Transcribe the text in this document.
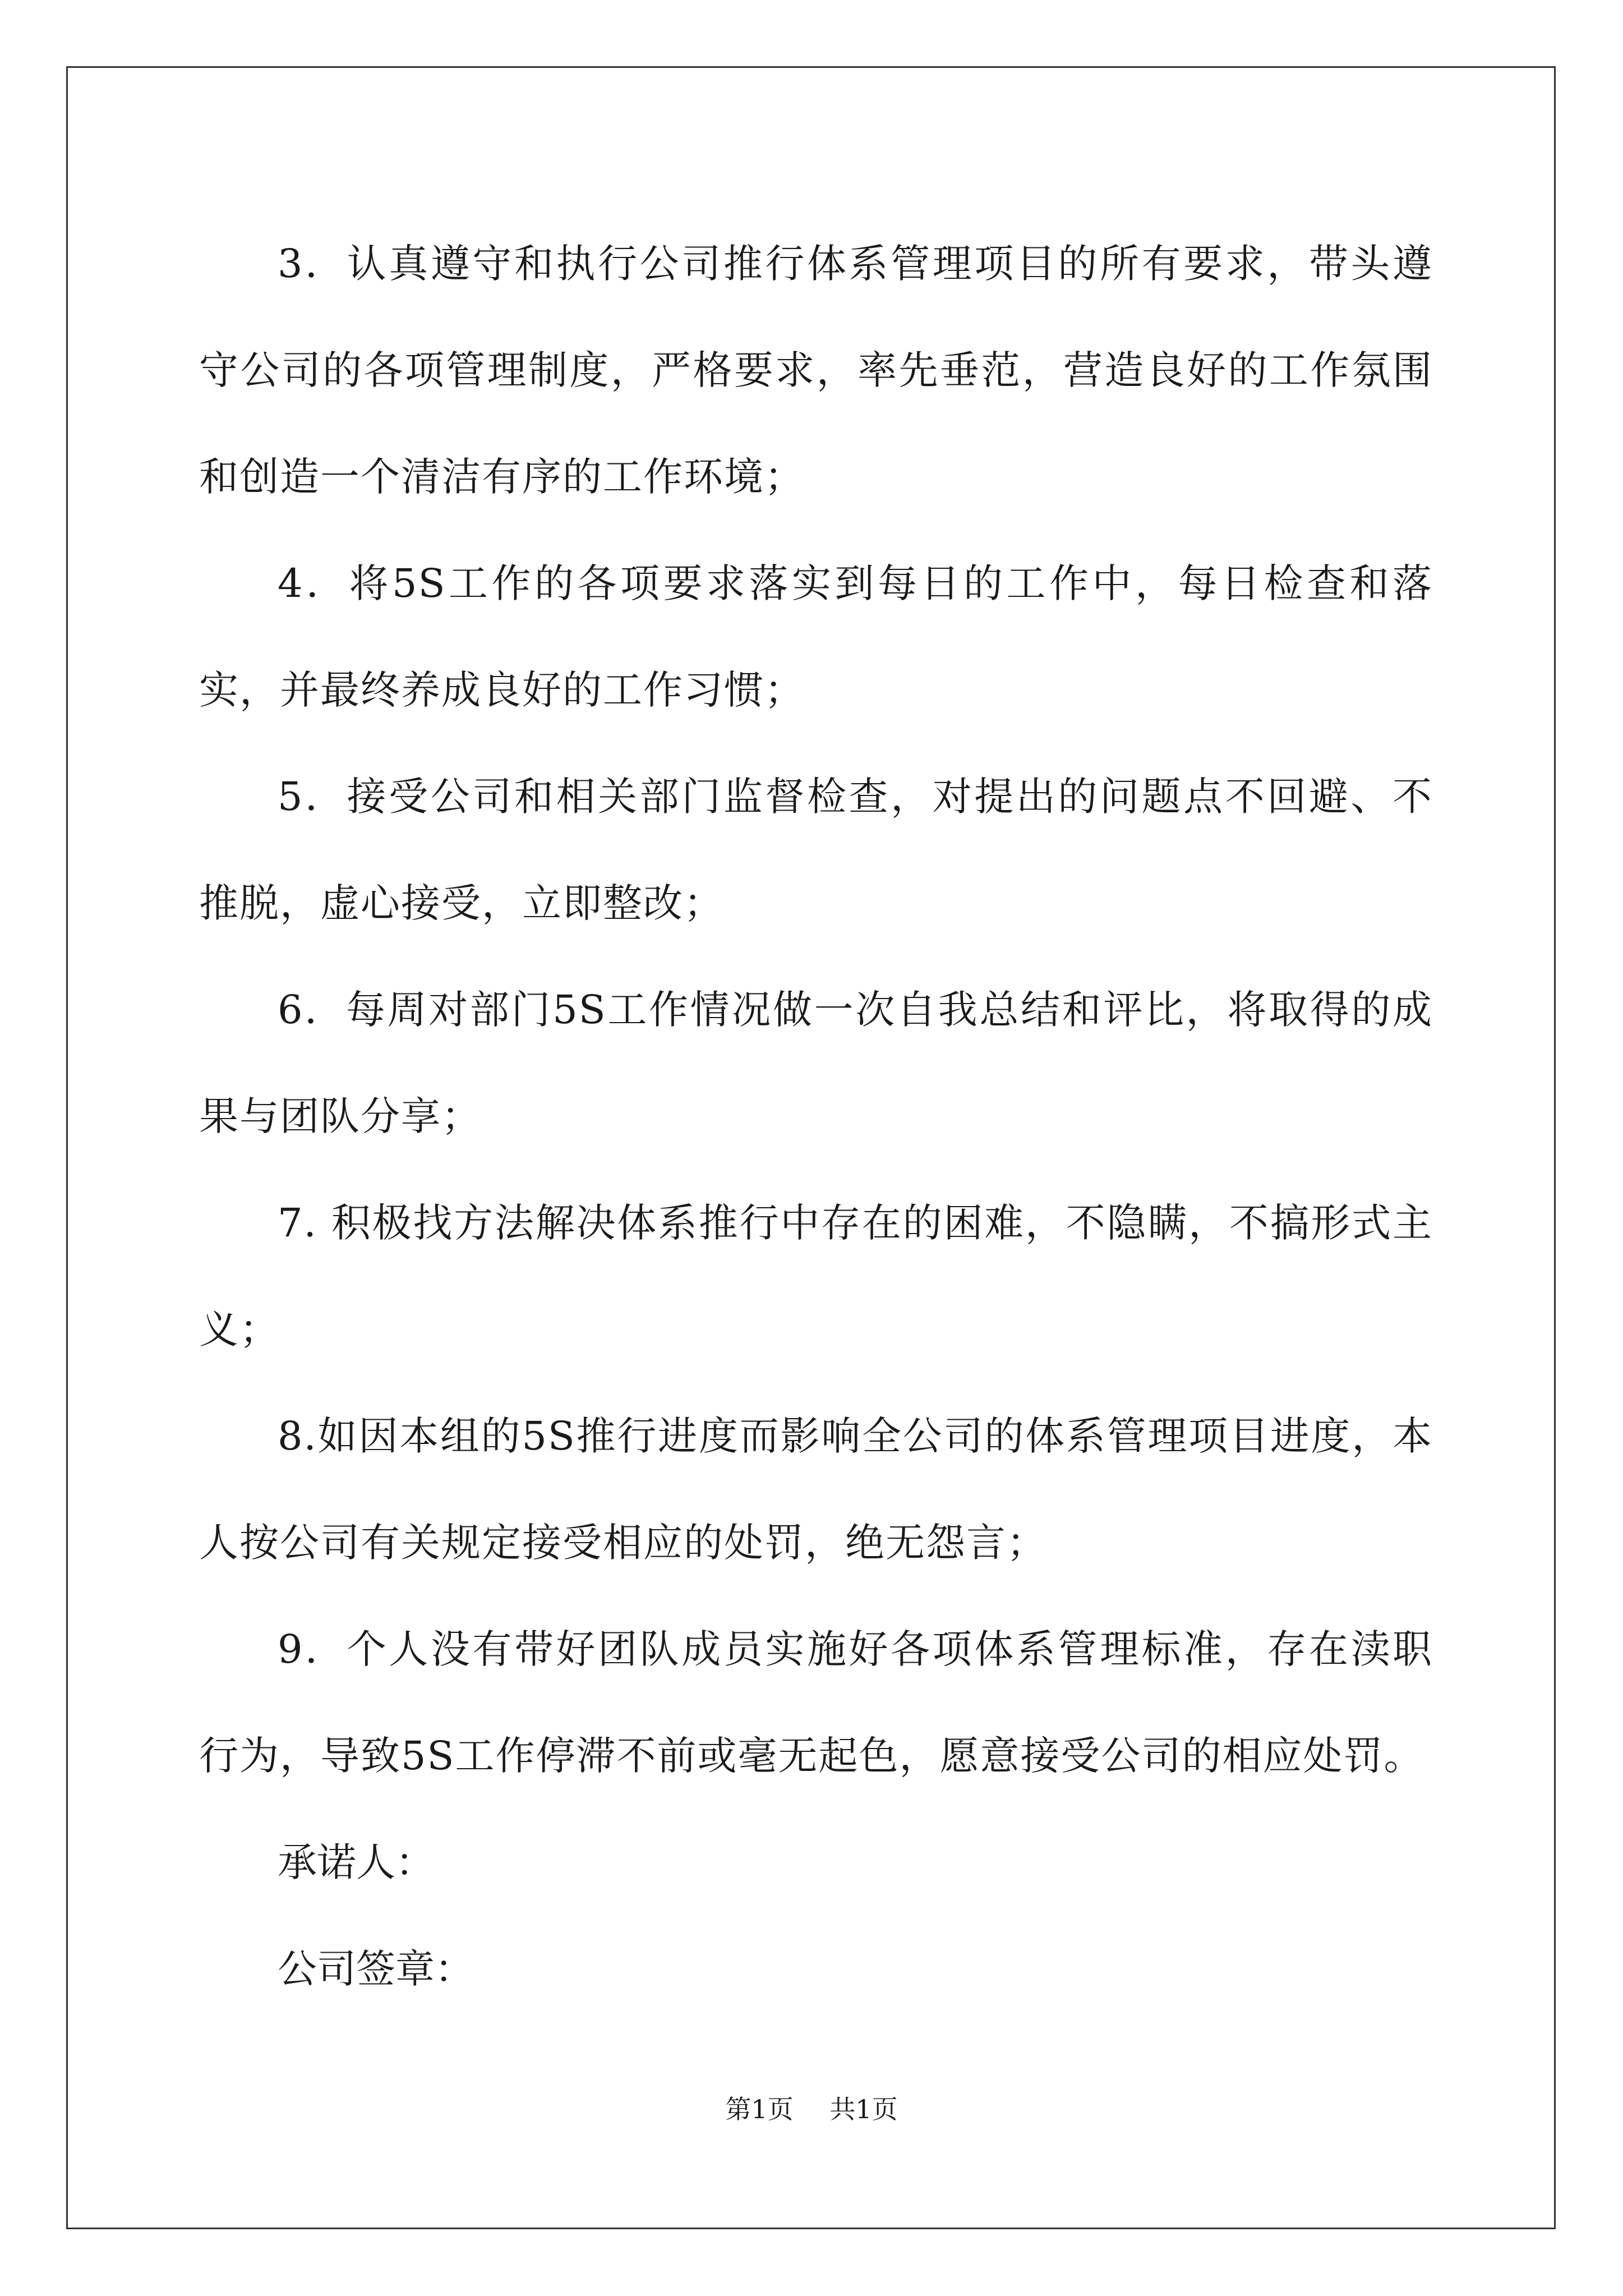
3．认真遵守和执行公司推行体系管理项目的所有要求，带头遵守公司的各项管理制度，严格要求，率先垂范，营造良好的工作氛围和创造一个清洁有序的工作环境；

4．将5S工作的各项要求落实到每日的工作中，每日检查和落实，并最终养成良好的工作习惯；

5．接受公司和相关部门监督检查，对提出的问题点不回避、不推脱，虚心接受，立即整改；

6．每周对部门5S工作情况做一次自我总结和评比，将取得的成果与团队分享；

7. 积极找方法解决体系推行中存在的困难，不隐瞒，不搞形式主义；

8.如因本组的5S推行进度而影响全公司的体系管理项目进度，本人按公司有关规定接受相应的处罚，绝无怨言；

9．个人没有带好团队成员实施好各项体系管理标准，存在渎职行为，导致5S工作停滞不前或毫无起色，愿意接受公司的相应处罚。

承诺人：

公司签章：

第1页 共1页
